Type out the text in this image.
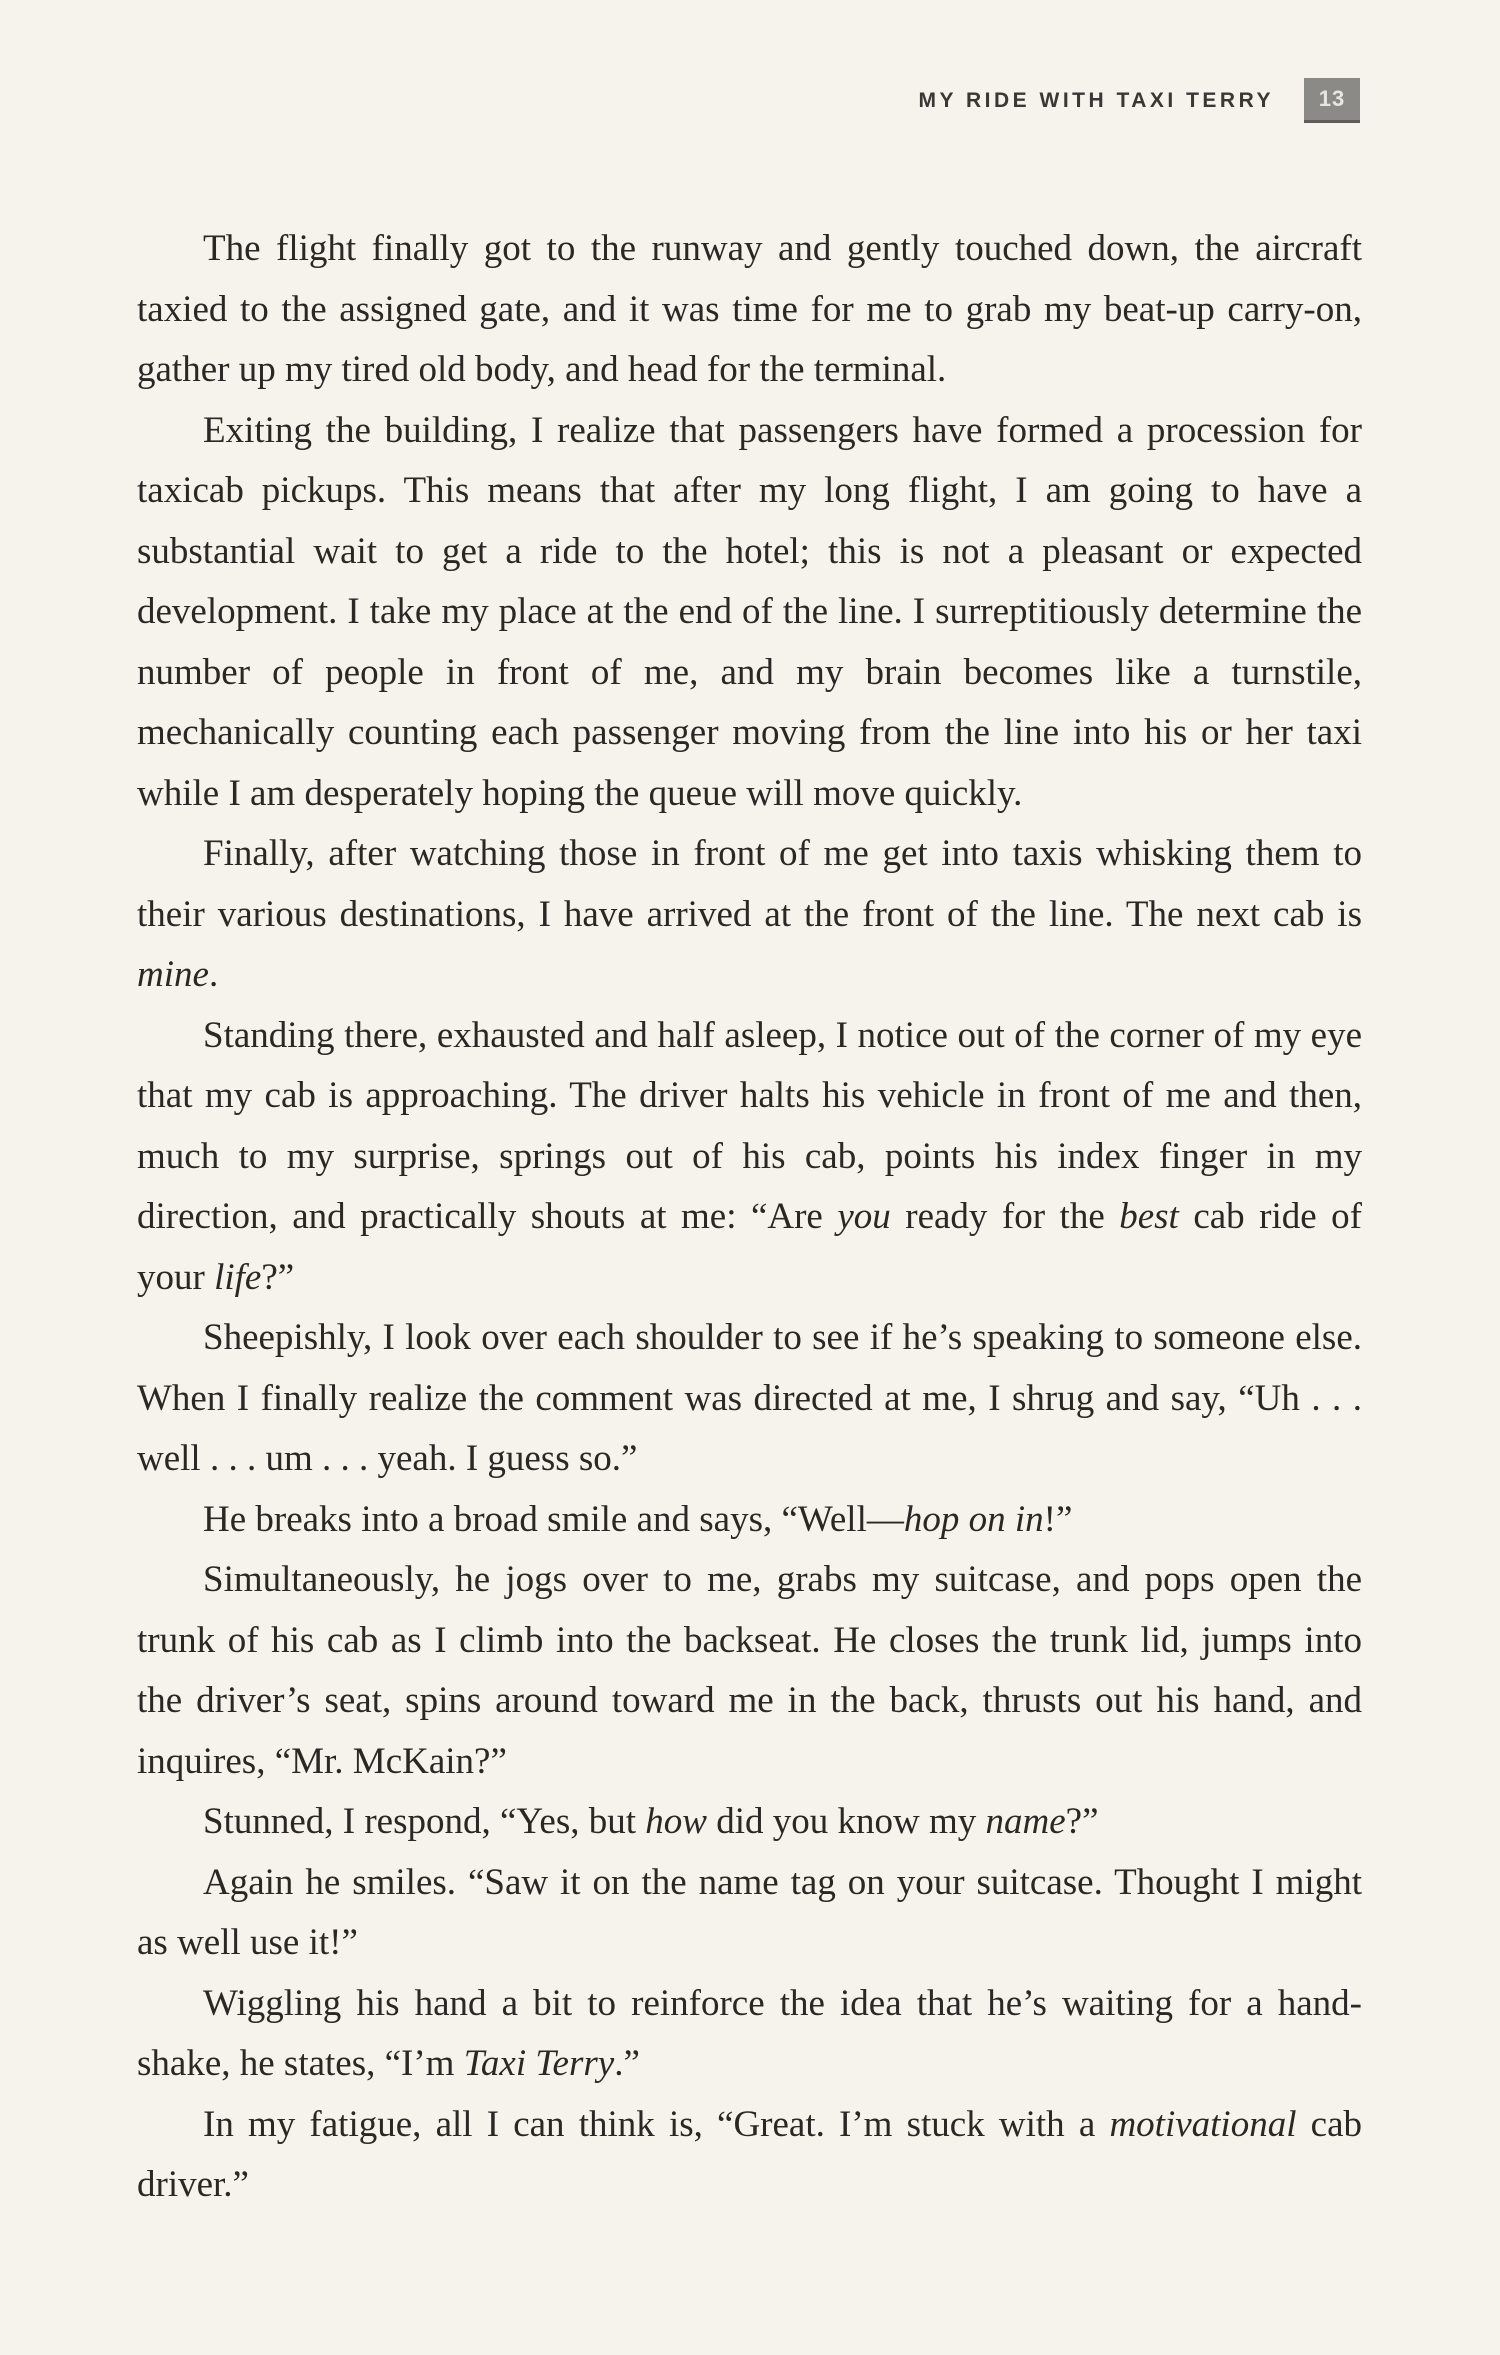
MY RIDE WITH TAXI TERRY 13

The flight finally got to the runway and gently touched down, the aircraft taxied to the assigned gate, and it was time for me to grab my beat-up carry-on, gather up my tired old body, and head for the terminal.

Exiting the building, I realize that passengers have formed a procession for taxicab pickups. This means that after my long flight, I am going to have a substantial wait to get a ride to the hotel; this is not a pleasant or expected development. I take my place at the end of the line. I surreptitiously determine the number of people in front of me, and my brain becomes like a turnstile, mechanically counting each passenger moving from the line into his or her taxi while I am desperately hoping the queue will move quickly.

Finally, after watching those in front of me get into taxis whisking them to their various destinations, I have arrived at the front of the line. The next cab is mine.

Standing there, exhausted and half asleep, I notice out of the corner of my eye that my cab is approaching. The driver halts his vehicle in front of me and then, much to my surprise, springs out of his cab, points his index finger in my direction, and practically shouts at me: “Are you ready for the best cab ride of your life?”

Sheepishly, I look over each shoulder to see if he’s speaking to someone else. When I finally realize the comment was directed at me, I shrug and say, “Uh . . . well . . . um . . . yeah. I guess so.”

He breaks into a broad smile and says, “Well—hop on in!”

Simultaneously, he jogs over to me, grabs my suitcase, and pops open the trunk of his cab as I climb into the backseat. He closes the trunk lid, jumps into the driver’s seat, spins around toward me in the back, thrusts out his hand, and inquires, “Mr. McKain?”

Stunned, I respond, “Yes, but how did you know my name?”

Again he smiles. “Saw it on the name tag on your suitcase. Thought I might as well use it!”

Wiggling his hand a bit to reinforce the idea that he’s waiting for a hand-shake, he states, “I’m Taxi Terry.”

In my fatigue, all I can think is, “Great. I’m stuck with a motivational cab driver.”
